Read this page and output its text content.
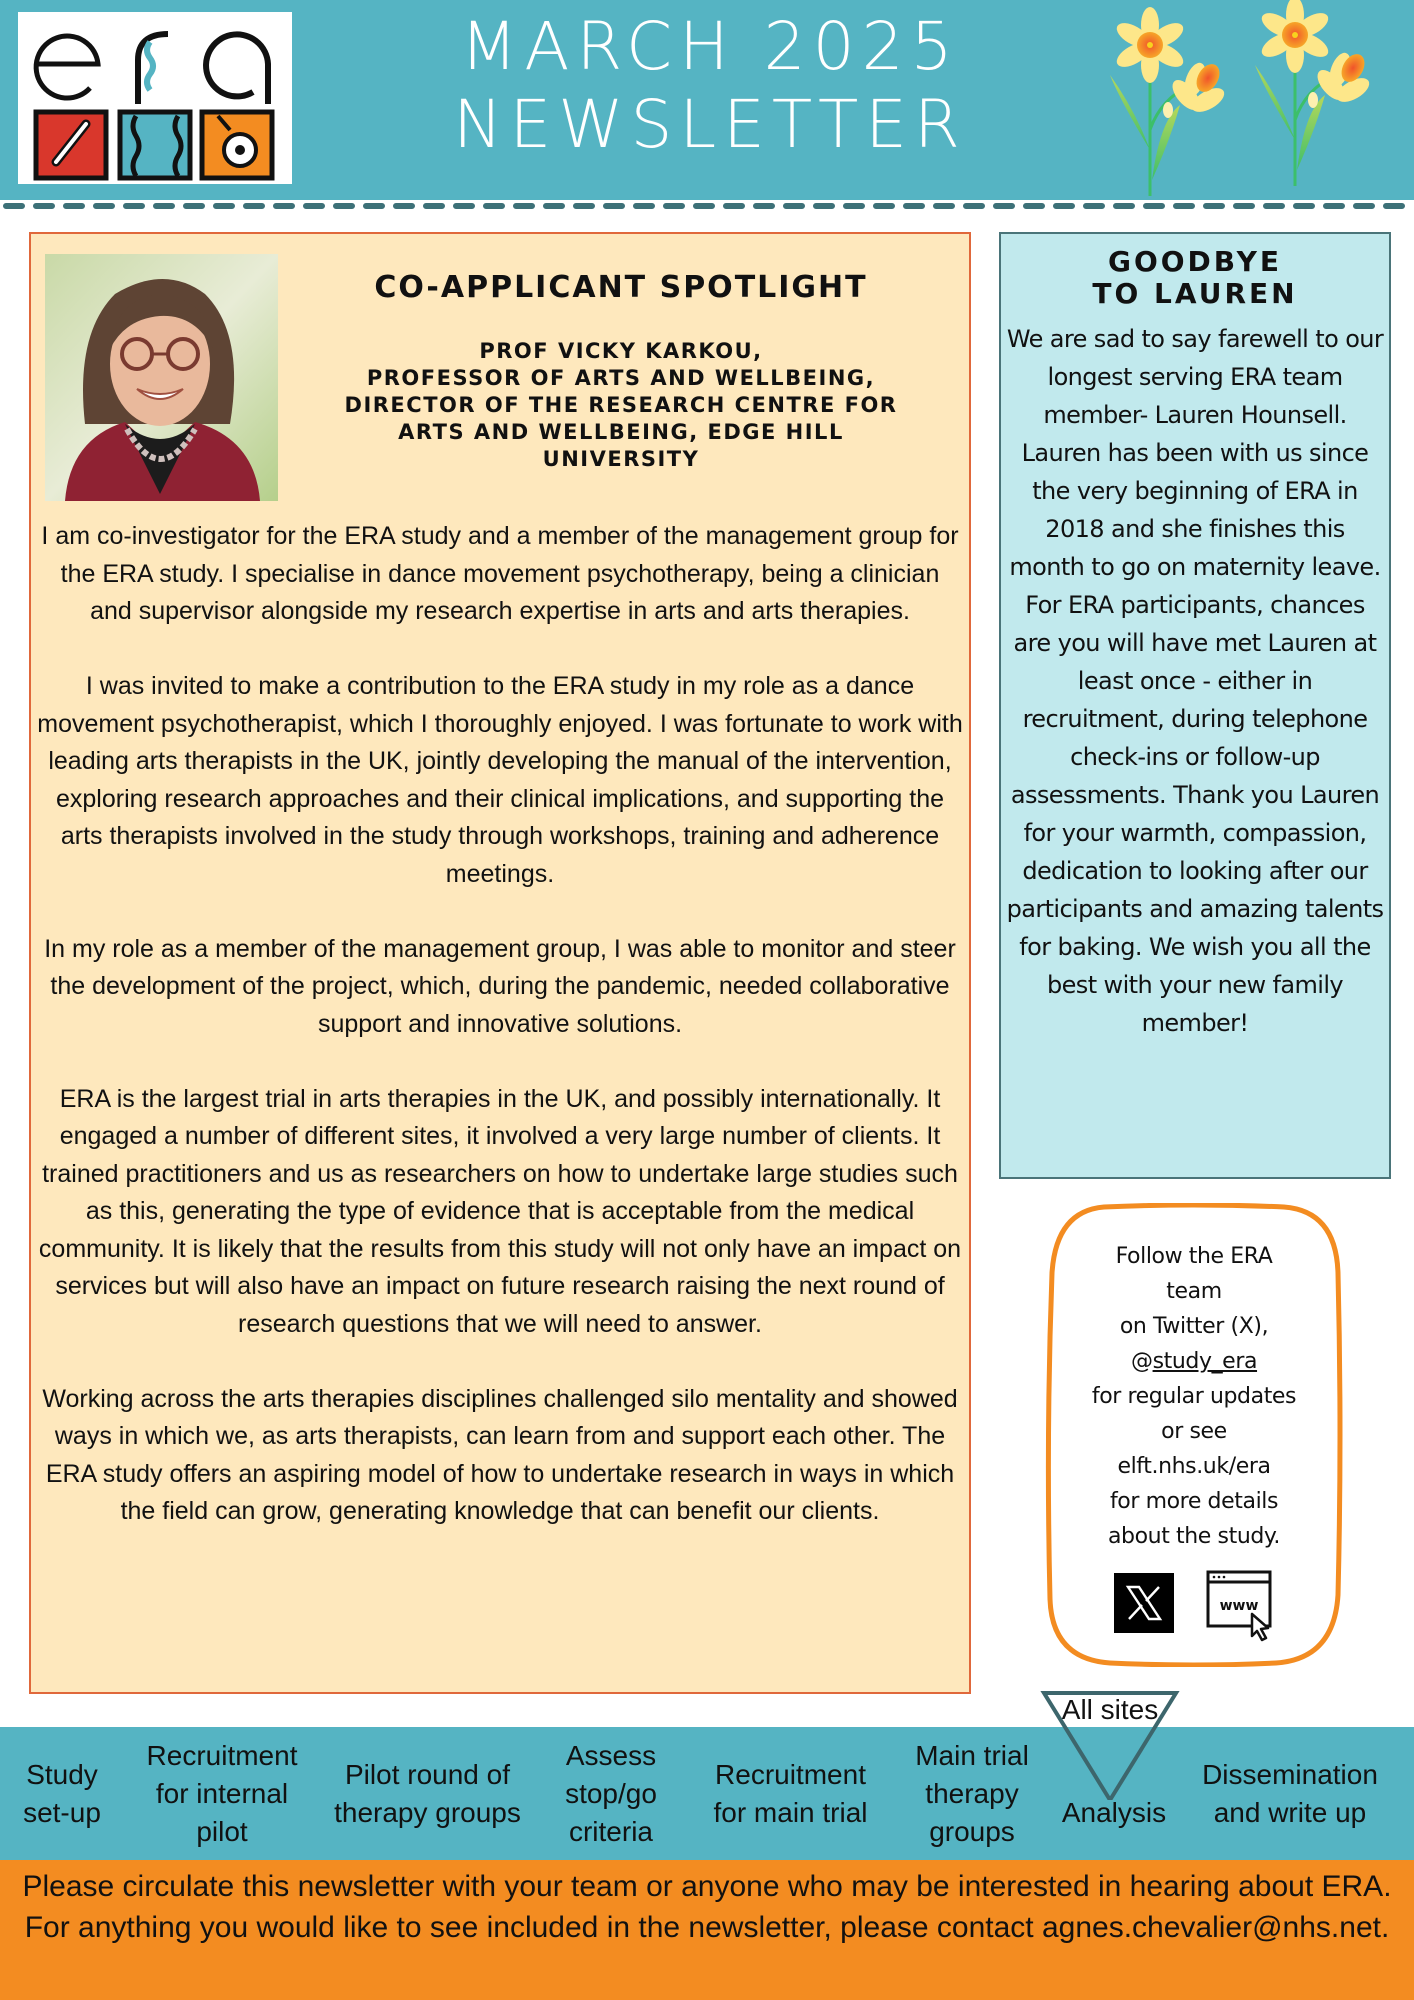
MARCH 2025
NEWSLETTER
CO-APPLICANT SPOTLIGHT
PROF VICKY KARKOU,
PROFESSOR OF ARTS AND WELLBEING,
DIRECTOR OF THE RESEARCH CENTRE FOR
ARTS AND WELLBEING, EDGE HILL
UNIVERSITY

I am co-investigator for the ERA study and a member of the management group for the ERA study. I specialise in dance movement psychotherapy, being a clinician and supervisor alongside my research expertise in arts and arts therapies.

I was invited to make a contribution to the ERA study in my role as a dance movement psychotherapist, which I thoroughly enjoyed. I was fortunate to work with leading arts therapists in the UK, jointly developing the manual of the intervention, exploring research approaches and their clinical implications, and supporting the arts therapists involved in the study through workshops, training and adherence meetings.

In my role as a member of the management group, I was able to monitor and steer the development of the project, which, during the pandemic, needed collaborative support and innovative solutions.

ERA is the largest trial in arts therapies in the UK, and possibly internationally. It engaged a number of different sites, it involved a very large number of clients. It trained practitioners and us as researchers on how to undertake large studies such as this, generating the type of evidence that is acceptable from the medical community. It is likely that the results from this study will not only have an impact on services but will also have an impact on future research raising the next round of research questions that we will need to answer.

Working across the arts therapies disciplines challenged silo mentality and showed ways in which we, as arts therapists, can learn from and support each other. The ERA study offers an aspiring model of how to undertake research in ways in which the field can grow, generating knowledge that can benefit our clients.

GOODBYE
TO LAUREN
We are sad to say farewell to our longest serving ERA team member- Lauren Hounsell. Lauren has been with us since the very beginning of ERA in 2018 and she finishes this month to go on maternity leave. For ERA participants, chances are you will have met Lauren at least once - either in recruitment, during telephone check-ins or follow-up assessments. Thank you Lauren for your warmth, compassion, dedication to looking after our participants and amazing talents for baking. We wish you all the best with your new family member!
Follow the ERA
team
on Twitter (X),
@study_era
for regular updates
or see
elft.nhs.uk/era
for more details
about the study.
www
Study set-up
Recruitment for internal pilot
Pilot round of therapy groups
Assess stop/go criteria
Recruitment for main trial
Main trial therapy groups
Analysis
Dissemination and write up
All sites
Please circulate this newsletter with your team or anyone who may be interested in hearing about ERA. For anything you would like to see included in the newsletter, please contact agnes.chevalier@nhs.net.
